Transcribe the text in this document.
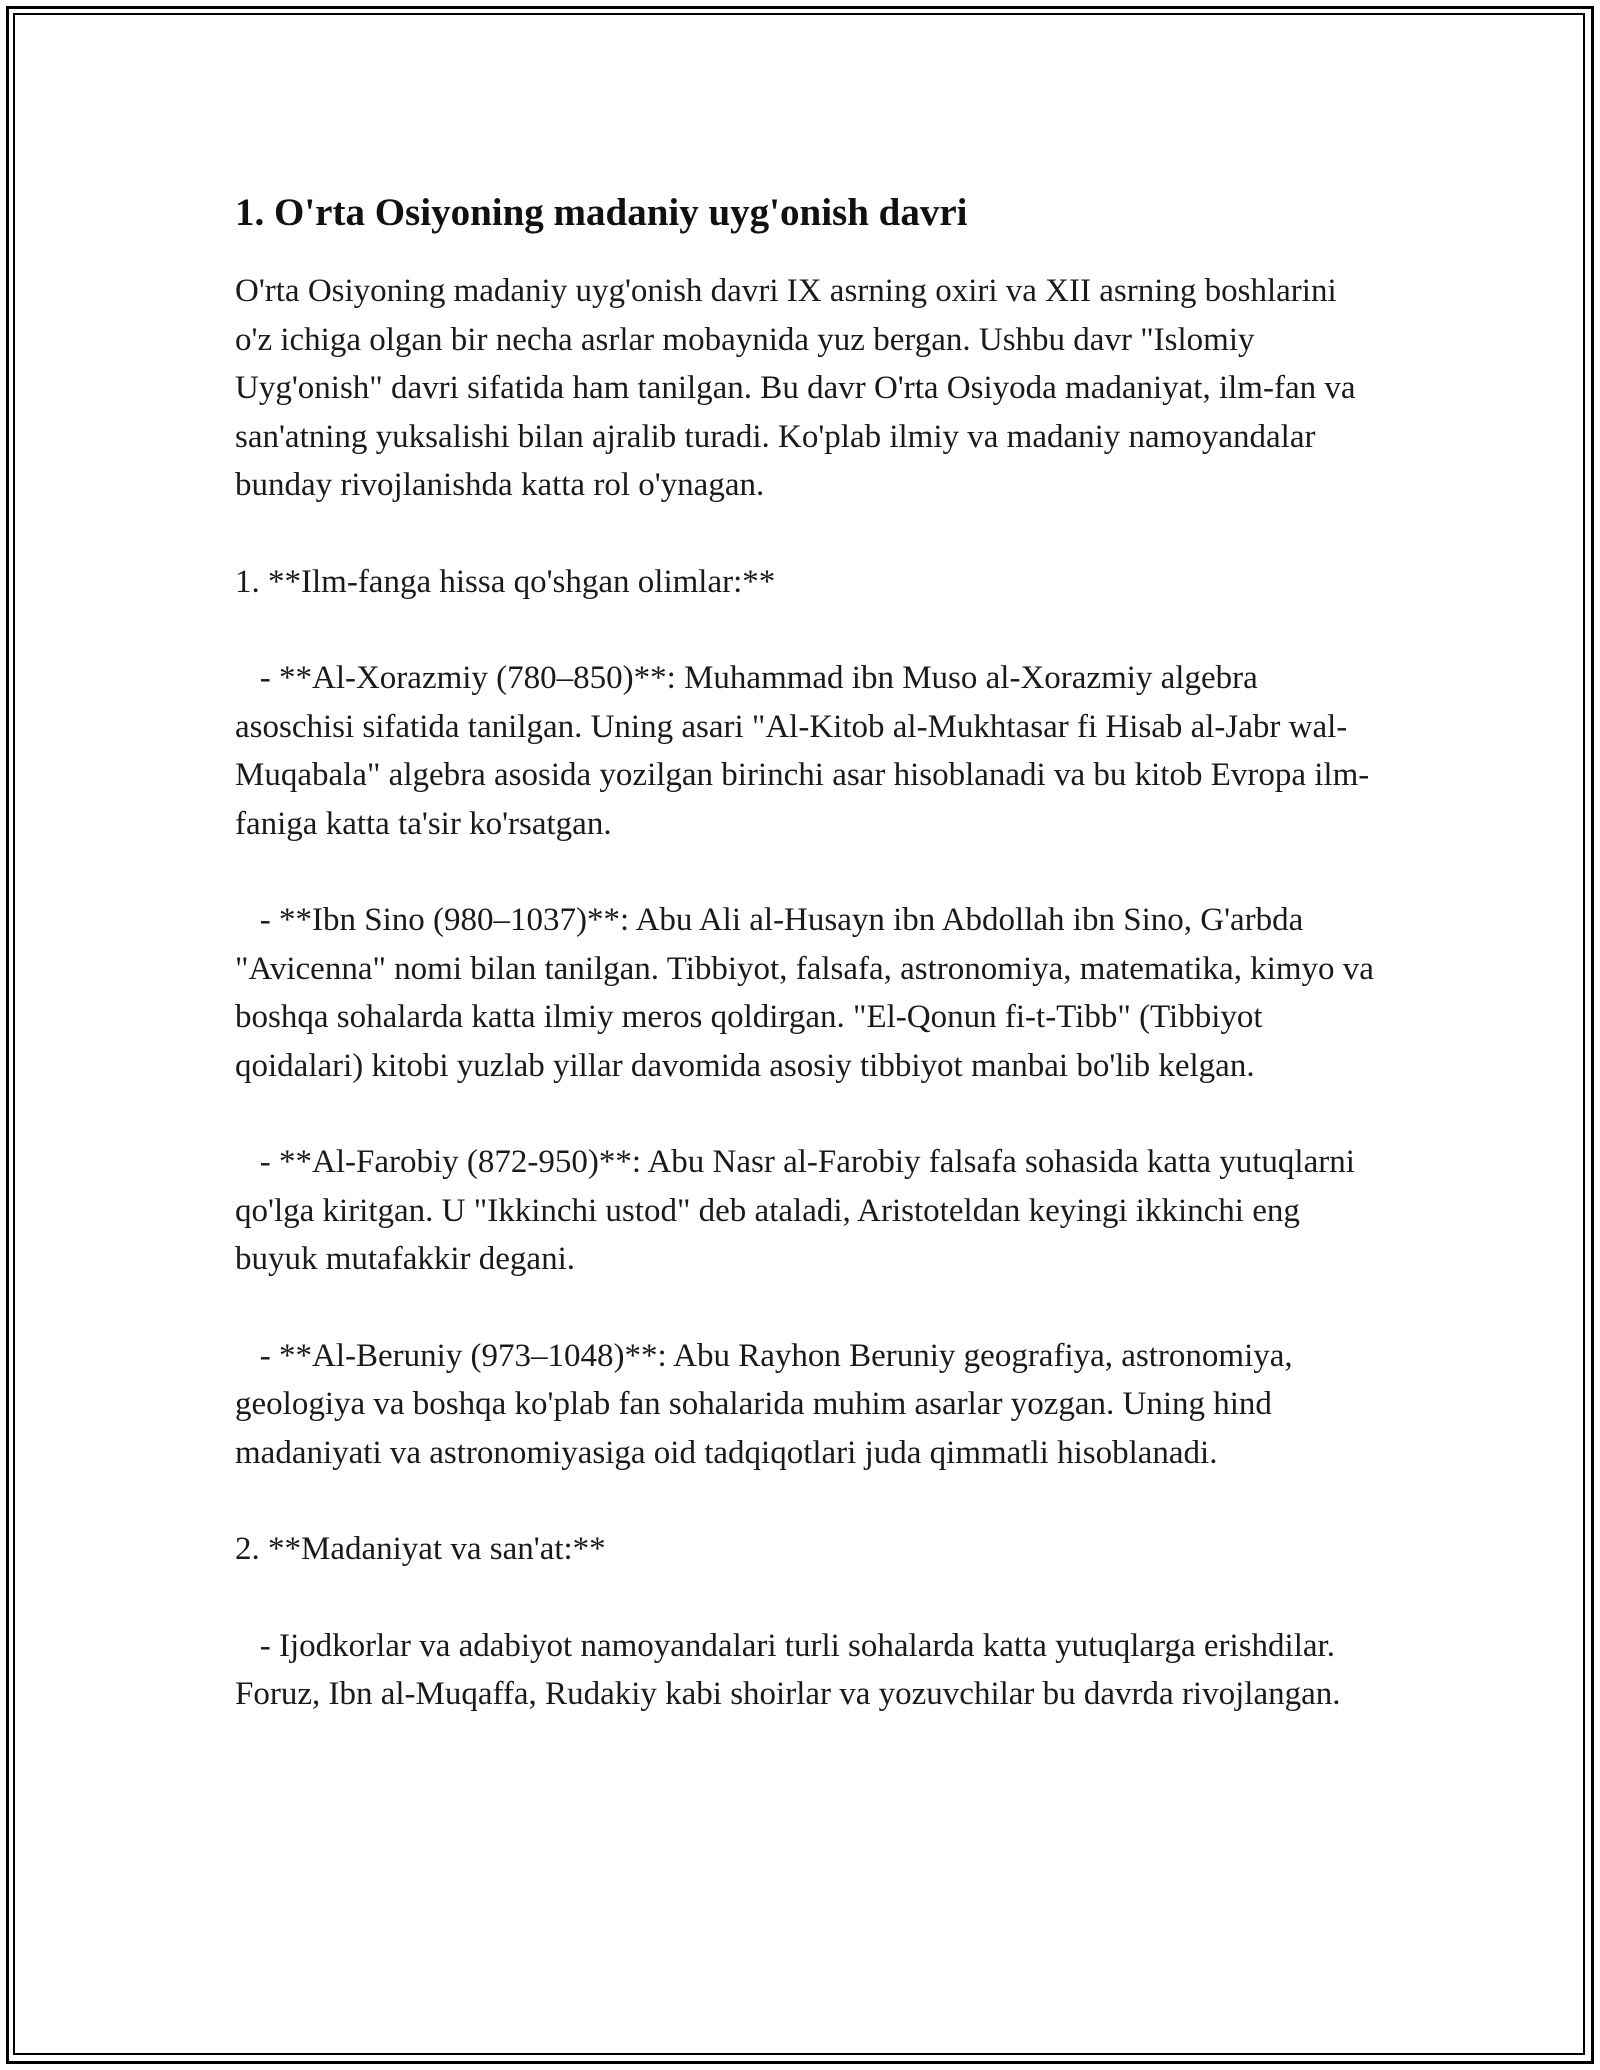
1. O'rta Osiyoning madaniy uyg'onish davri

O'rta Osiyoning madaniy uyg'onish davri IX asrning oxiri va XII asrning boshlarini o'z ichiga olgan bir necha asrlar mobaynida yuz bergan. Ushbu davr "Islomiy Uyg'onish" davri sifatida ham tanilgan. Bu davr O'rta Osiyoda madaniyat, ilm-fan va san'atning yuksalishi bilan ajralib turadi. Ko'plab ilmiy va madaniy namoyandalar bunday rivojlanishda katta rol o'ynagan.

1. **Ilm-fanga hissa qo'shgan olimlar:**

- **Al-Xorazmiy (780–850)**: Muhammad ibn Muso al-Xorazmiy algebra asoschisi sifatida tanilgan. Uning asari "Al-Kitob al-Mukhtasar fi Hisab al-Jabr wal-Muqabala" algebra asosida yozilgan birinchi asar hisoblanadi va bu kitob Evropa ilm-faniga katta ta'sir ko'rsatgan.

- **Ibn Sino (980–1037)**: Abu Ali al-Husayn ibn Abdollah ibn Sino, G'arbda "Avicenna" nomi bilan tanilgan. Tibbiyot, falsafa, astronomiya, matematika, kimyo va boshqa sohalarda katta ilmiy meros qoldirgan. "El-Qonun fi-t-Tibb" (Tibbiyot qoidalari) kitobi yuzlab yillar davomida asosiy tibbiyot manbai bo'lib kelgan.

- **Al-Farobiy (872-950)**: Abu Nasr al-Farobiy falsafa sohasida katta yutuqlarni qo'lga kiritgan. U "Ikkinchi ustod" deb ataladi, Aristoteldan keyingi ikkinchi eng buyuk mutafakkir degani.

- **Al-Beruniy (973–1048)**: Abu Rayhon Beruniy geografiya, astronomiya, geologiya va boshqa ko'plab fan sohalarida muhim asarlar yozgan. Uning hind madaniyati va astronomiyasiga oid tadqiqotlari juda qimmatli hisoblanadi.

2. **Madaniyat va san'at:**

- Ijodkorlar va adabiyot namoyandalari turli sohalarda katta yutuqlarga erishdilar. Foruz, Ibn al-Muqaffa, Rudakiy kabi shoirlar va yozuvchilar bu davrda rivojlangan.
